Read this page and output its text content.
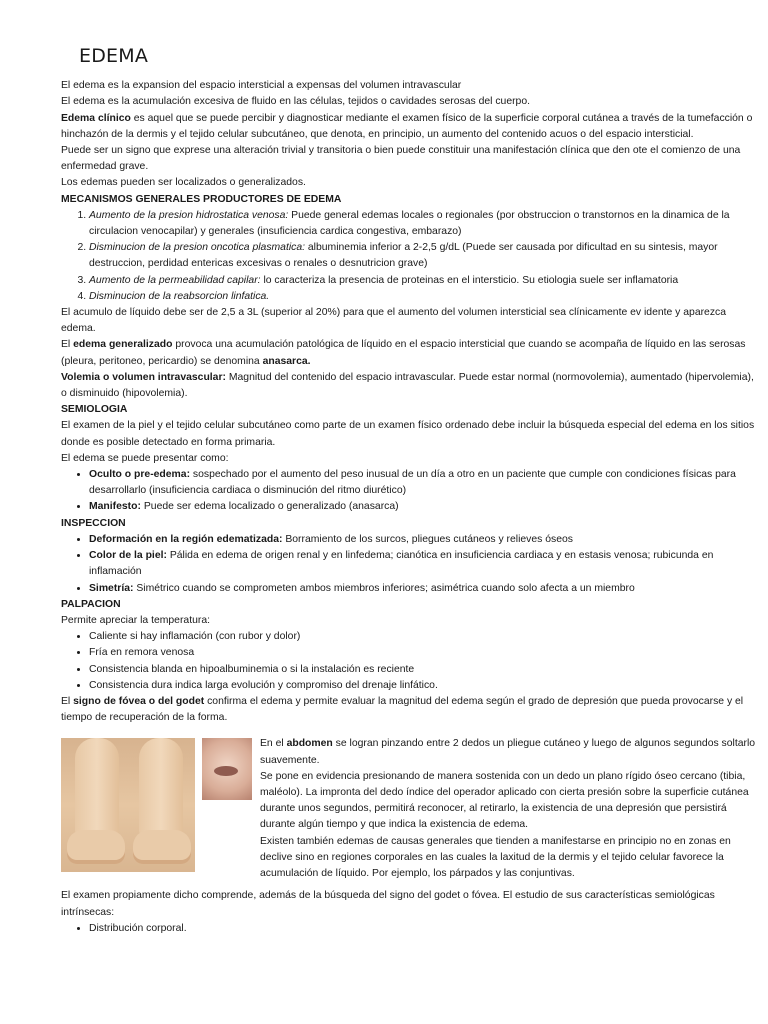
EDEMA

El edema es la expansion del espacio intersticial a expensas del volumen intravascular

El edema es la acumulación excesiva de fluido en las células, tejidos o cavidades serosas del cuerpo.

Edema clínico es aquel que se puede percibir y diagnosticar mediante el examen físico de la superficie corporal cutánea a través de la tumefacción o hinchazón de la dermis y el tejido celular subcutáneo, que denota, en principio, un aumento del contenido acuos o del espacio intersticial.

Puede ser un signo que exprese una alteración trivial y transitoria o bien puede constituir una manifestación clínica que den ote el comienzo de una enfermedad grave.

Los edemas pueden ser localizados o generalizados.

MECANISMOS GENERALES PRODUCTORES DE EDEMA

1. Aumento de la presion hidrostatica venosa: Puede general edemas locales o regionales (por obstruccion o transtornos en la dinamica de la circulacion venocapilar) y generales (insuficiencia cardica congestiva, embarazo)
2. Disminucion de la presion oncotica plasmatica: albuminemia inferior a 2-2,5 g/dL (Puede ser causada por dificultad en su sintesis, mayor destruccion, perdidad entericas excesivas o renales o desnutricion grave)
3. Aumento de la permeabilidad capilar: lo caracteriza la presencia de proteinas en el intersticio. Su etiologia suele ser inflamatoria
4. Disminucion de la reabsorcion linfatica.

El acumulo de líquido debe ser de 2,5 a 3L (superior al 20%) para que el aumento del volumen intersticial sea clínicamente ev idente y aparezca edema.

El edema generalizado provoca una acumulación patológica de líquido en el espacio intersticial que cuando se acompaña de líquido en las serosas (pleura, peritoneo, pericardio) se denomina anasarca.

Volemia o volumen intravascular: Magnitud del contenido del espacio intravascular. Puede estar normal (normovolemia), aumentado (hipervolemia), o disminuido (hipovolemia).

SEMIOLOGIA

El examen de la piel y el tejido celular subcutáneo como parte de un examen físico ordenado debe incluir la búsqueda especial del edema en los sitios donde es posible detectado en forma primaria.

El edema se puede presentar como:

• Oculto o pre-edema: sospechado por el aumento del peso inusual de un día a otro en un paciente que cumple con condiciones físicas para desarrollarlo (insuficiencia cardiaca o disminución del ritmo diurético)
• Manifesto: Puede ser edema localizado o generalizado (anasarca)

INSPECCION

• Deformación en la región edematizada: Borramiento de los surcos, pliegues cutáneos y relieves óseos
• Color de la piel: Pálida en edema de origen renal y en linfedema; cianótica en insuficiencia cardiaca y en estasis venosa; rubicunda en inflamación
• Simetría: Simétrico cuando se comprometen ambos miembros inferiores; asimétrica cuando solo afecta a un miembro

PALPACION

Permite apreciar la temperatura:

• Caliente si hay inflamación (con rubor y dolor)
• Fría en remora venosa
• Consistencia blanda en hipoalbuminemia o si la instalación es reciente
• Consistencia dura indica larga evolución y compromiso del drenaje linfático.

El signo de fóvea o del godet confirma el edema y permite evaluar la magnitud del edema según el grado de depresión que pueda provocarse y el tiempo de recuperación de la forma.

En el abdomen se logran pinzando entre 2 dedos un pliegue cutáneo y luego de algunos segundos soltarlo suavemente.

Se pone en evidencia presionando de manera sostenida con un dedo un plano rígido óseo cercano (tibia, maléolo). La impronta del dedo índice del operador aplicado con cierta presión sobre la superficie cutánea durante unos segundos, permitirá reconocer, al retirarlo, la existencia de una depresión que persistirá durante algún tiempo y que indica la existencia de edema.

Existen también edemas de causas generales que tienden a manifestarse en principio no en zonas en declive sino en regiones corporales en las cuales la laxitud de la dermis y el tejido celular favorece la acumulación de líquido. Por ejemplo, los párpados y las conjuntivas.

El examen propiamente dicho comprende, además de la búsqueda del signo del godet o fóvea. El estudio de sus características semiológicas intrínsecas:

• Distribución corporal.
